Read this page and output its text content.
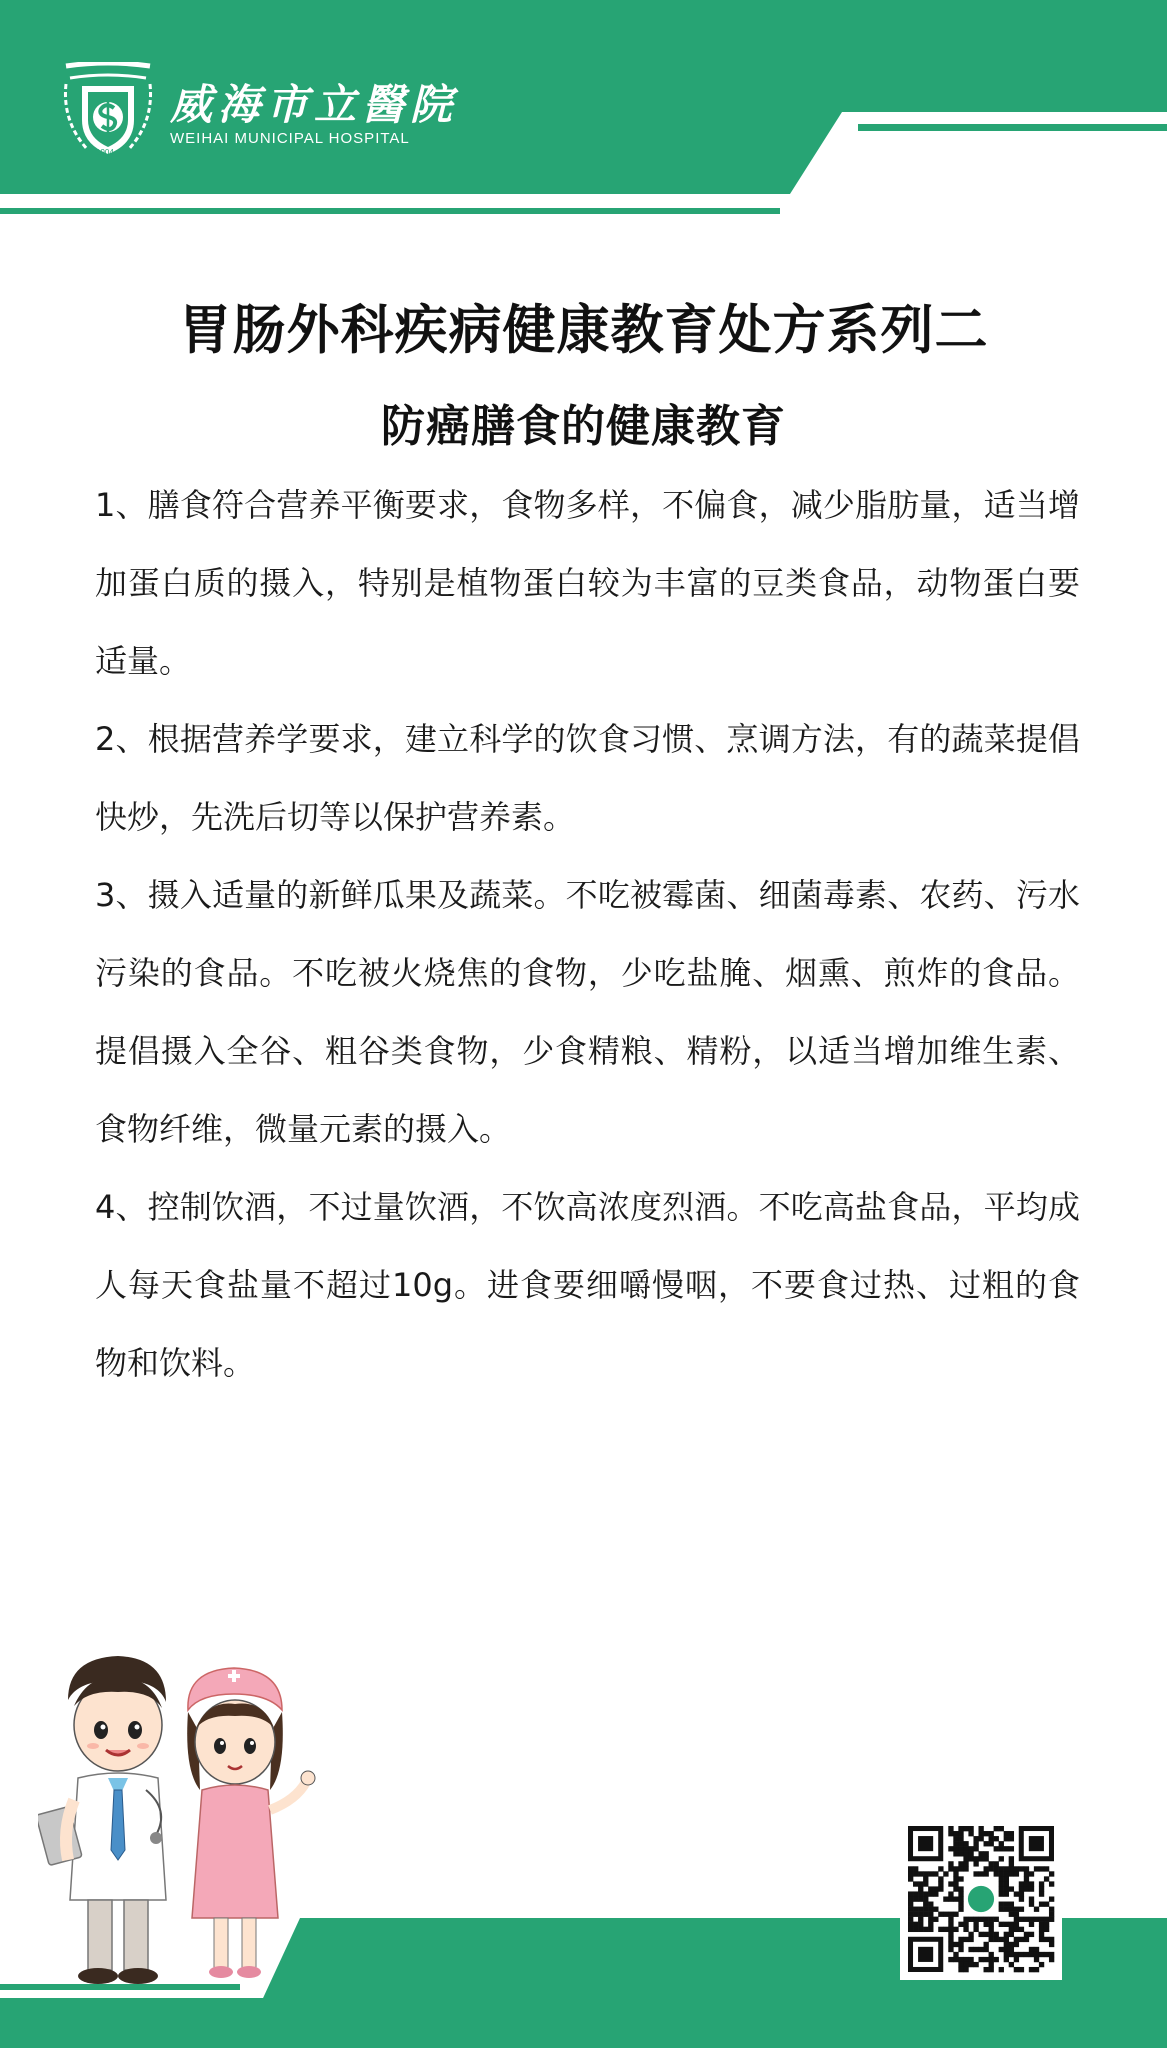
威海市立醫院
WEIHAI MUNICIPAL HOSPITAL
1904
胃肠外科疾病健康教育处方系列二
防癌膳食的健康教育

1、膳食符合营养平衡要求，食物多样，不偏食，减少脂肪量，适当增加蛋白质的摄入，特别是植物蛋白较为丰富的豆类食品，动物蛋白要适量。

2、根据营养学要求，建立科学的饮食习惯、烹调方法，有的蔬菜提倡快炒，先洗后切等以保护营养素。

3、摄入适量的新鲜瓜果及蔬菜。不吃被霉菌、细菌毒素、农药、污水污染的食品。不吃被火烧焦的食物，少吃盐腌、烟熏、煎炸的食品。提倡摄入全谷、粗谷类食物，少食精粮、精粉，以适当增加维生素、食物纤维，微量元素的摄入。

4、控制饮酒，不过量饮酒，不饮高浓度烈酒。不吃高盐食品，平均成人每天食盐量不超过10g。进食要细嚼慢咽，不要食过热、过粗的食物和饮料。
